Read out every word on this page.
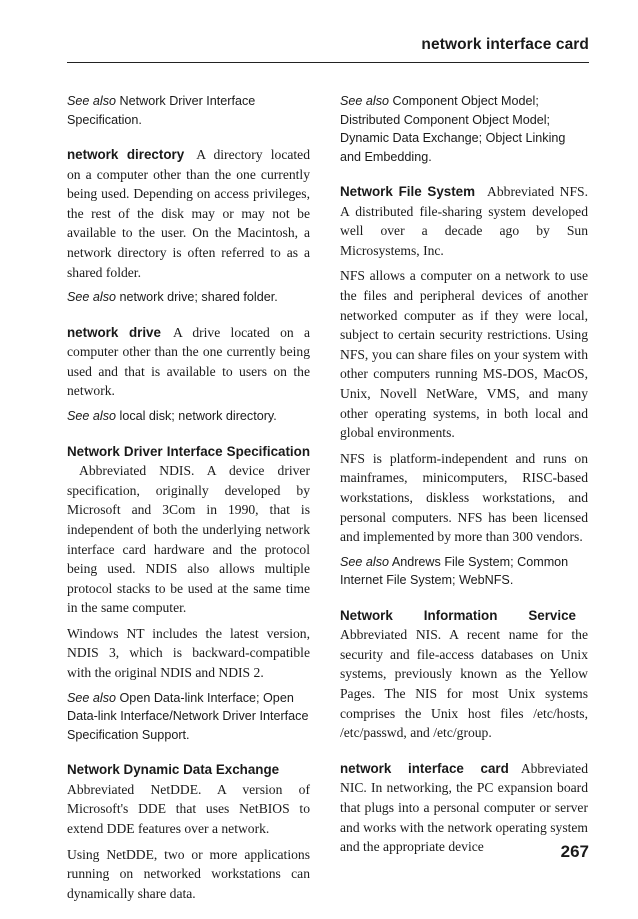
network interface card

See also Network Driver Interface Specification.

network directory A directory located on a computer other than the one currently being used. Depending on access privileges, the rest of the disk may or may not be available to the user. On the Macintosh, a network directory is often referred to as a shared folder.

See also network drive; shared folder.

network drive A drive located on a computer other than the one currently being used and that is available to users on the network.

See also local disk; network directory.

Network Driver Interface SpecificationAbbreviated NDIS. A device driver specification, originally developed by Microsoft and 3Com in 1990, that is independent of both the underlying network interface card hardware and the protocol being used. NDIS also allows multiple protocol stacks to be used at the same time in the same computer.

Windows NT includes the latest version, NDIS 3, which is backward-compatible with the original NDIS and NDIS 2.

See also Open Data-link Interface; Open Data-link Interface/Network Driver Interface Specification Support.

Network Dynamic Data Exchange

Abbreviated NetDDE. A version of Microsoft's DDE that uses NetBIOS to extend DDE features over a network.

Using NetDDE, two or more applications running on networked workstations can dynamically share data.

See also Component Object Model; Distributed Component Object Model; Dynamic Data Exchange; Object Linking and Embedding.

Network File System Abbreviated NFS. A distributed file-sharing system developed well over a decade ago by Sun Microsystems, Inc.

NFS allows a computer on a network to use the files and peripheral devices of another networked computer as if they were local, subject to certain security restrictions. Using NFS, you can share files on your system with other computers running MS-DOS, MacOS, Unix, Novell NetWare, VMS, and many other operating systems, in both local and global environments.

NFS is platform-independent and runs on mainframes, minicomputers, RISC-based workstations, diskless workstations, and personal computers. NFS has been licensed and implemented by more than 300 vendors.

See also Andrews File System; Common Internet File System; WebNFS.

Network Information ServiceAbbreviated NIS. A recent name for the security and file-access databases on Unix systems, previously known as the Yellow Pages. The NIS for most Unix systems comprises the Unix host files /etc/hosts, /etc/passwd, and /etc/group.

network interface card Abbreviated NIC. In networking, the PC expansion board that plugs into a personal computer or server and works with the network operating system and the appropriate device	267
